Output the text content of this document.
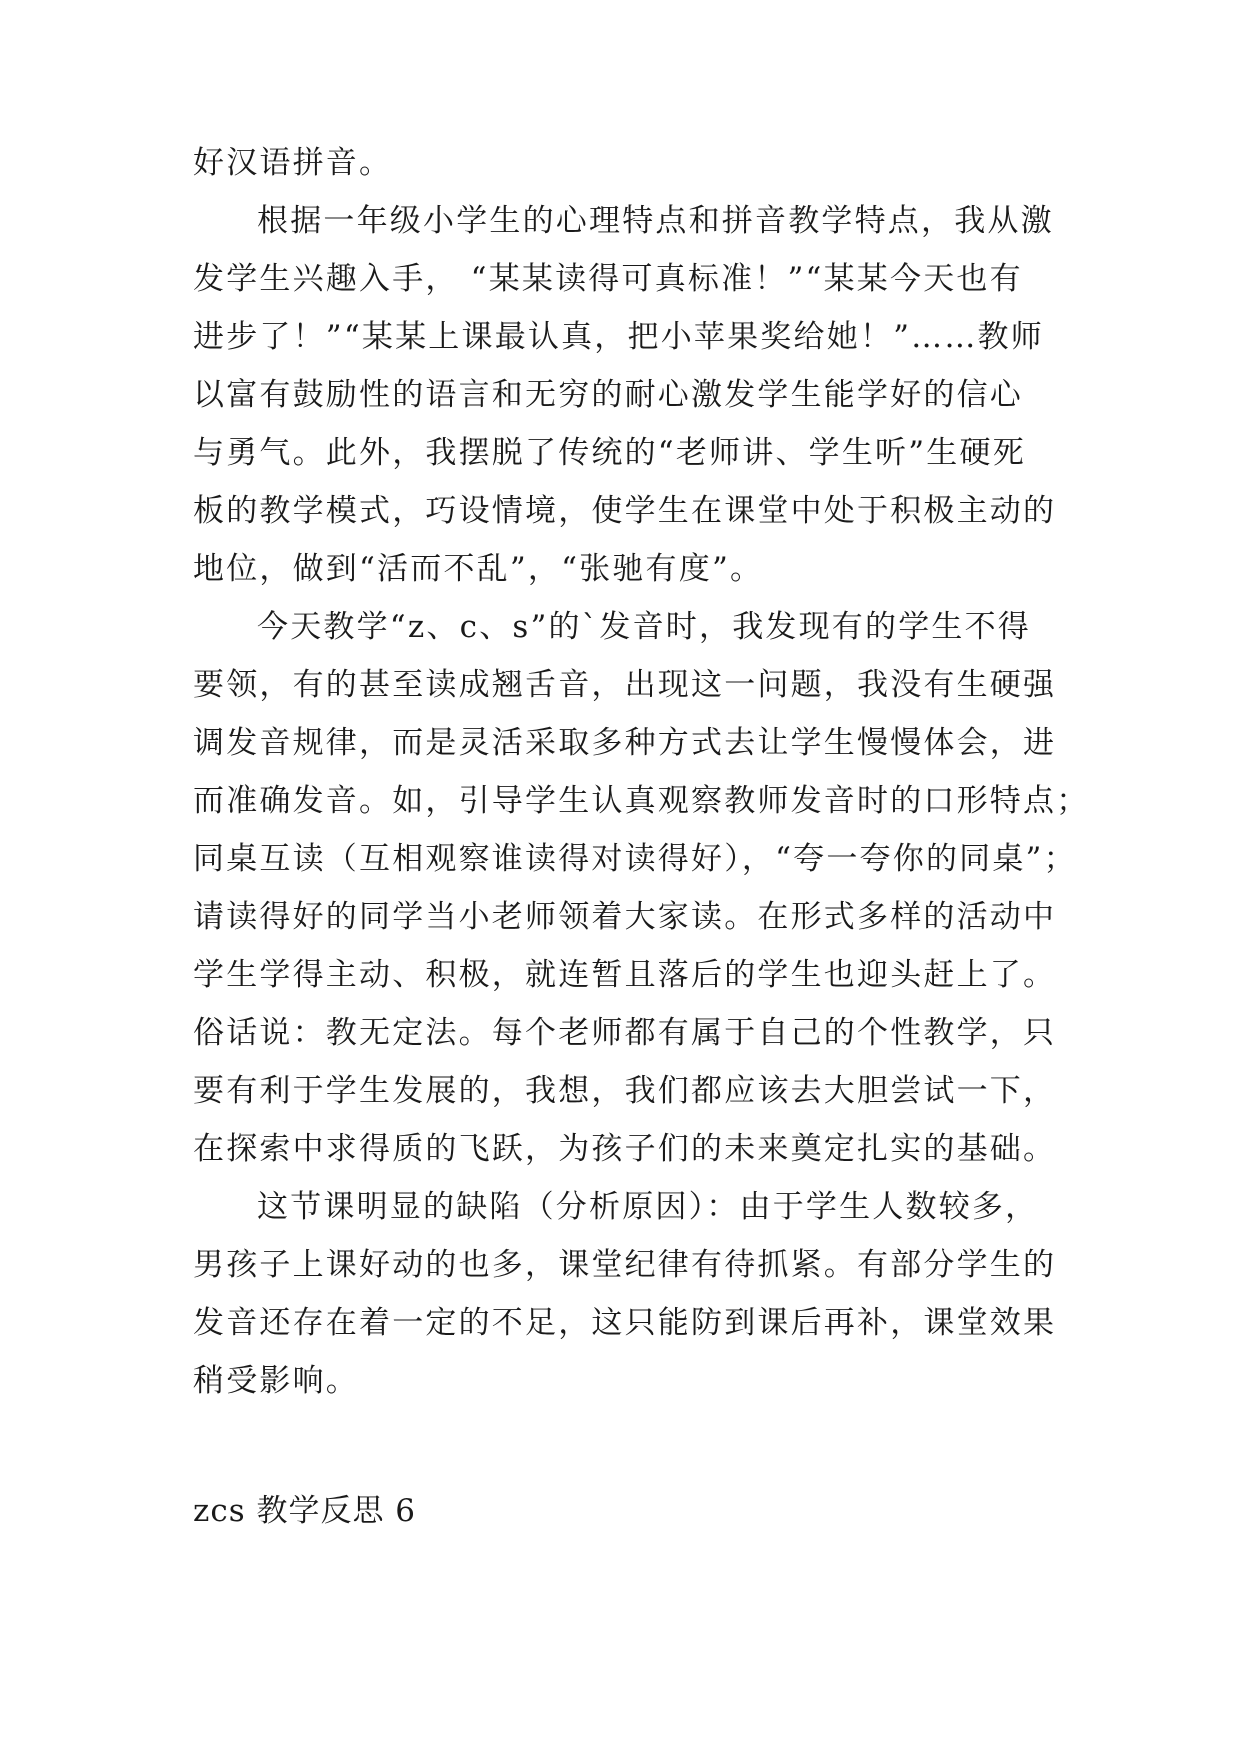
好汉语拼音。
根据一年级小学生的心理特点和拼音教学特点，我从激
发学生兴趣入手， “某某读得可真标准！”“某某今天也有
进步了！”“某某上课最认真，把小苹果奖给她！”……教师
以富有鼓励性的语言和无穷的耐心激发学生能学好的信心
与勇气。此外，我摆脱了传统的“老师讲、学生听”生硬死
板的教学模式，巧设情境，使学生在课堂中处于积极主动的
地位，做到“活而不乱”，“张驰有度”。
今天教学“z、c、s”的`发音时，我发现有的学生不得
要领，有的甚至读成翘舌音，出现这一问题，我没有生硬强
调发音规律，而是灵活采取多种方式去让学生慢慢体会，进
而准确发音。如，引导学生认真观察教师发音时的口形特点；
同桌互读（互相观察谁读得对读得好），“夸一夸你的同桌”；
请读得好的同学当小老师领着大家读。在形式多样的活动中
学生学得主动、积极，就连暂且落后的学生也迎头赶上了。
俗话说：教无定法。每个老师都有属于自己的个性教学，只
要有利于学生发展的，我想，我们都应该去大胆尝试一下，
在探索中求得质的飞跃，为孩子们的未来奠定扎实的基础。
这节课明显的缺陷（分析原因）：由于学生人数较多，
男孩子上课好动的也多，课堂纪律有待抓紧。有部分学生的
发音还存在着一定的不足，这只能防到课后再补，课堂效果
稍受影响。
zcs 教学反思 6
